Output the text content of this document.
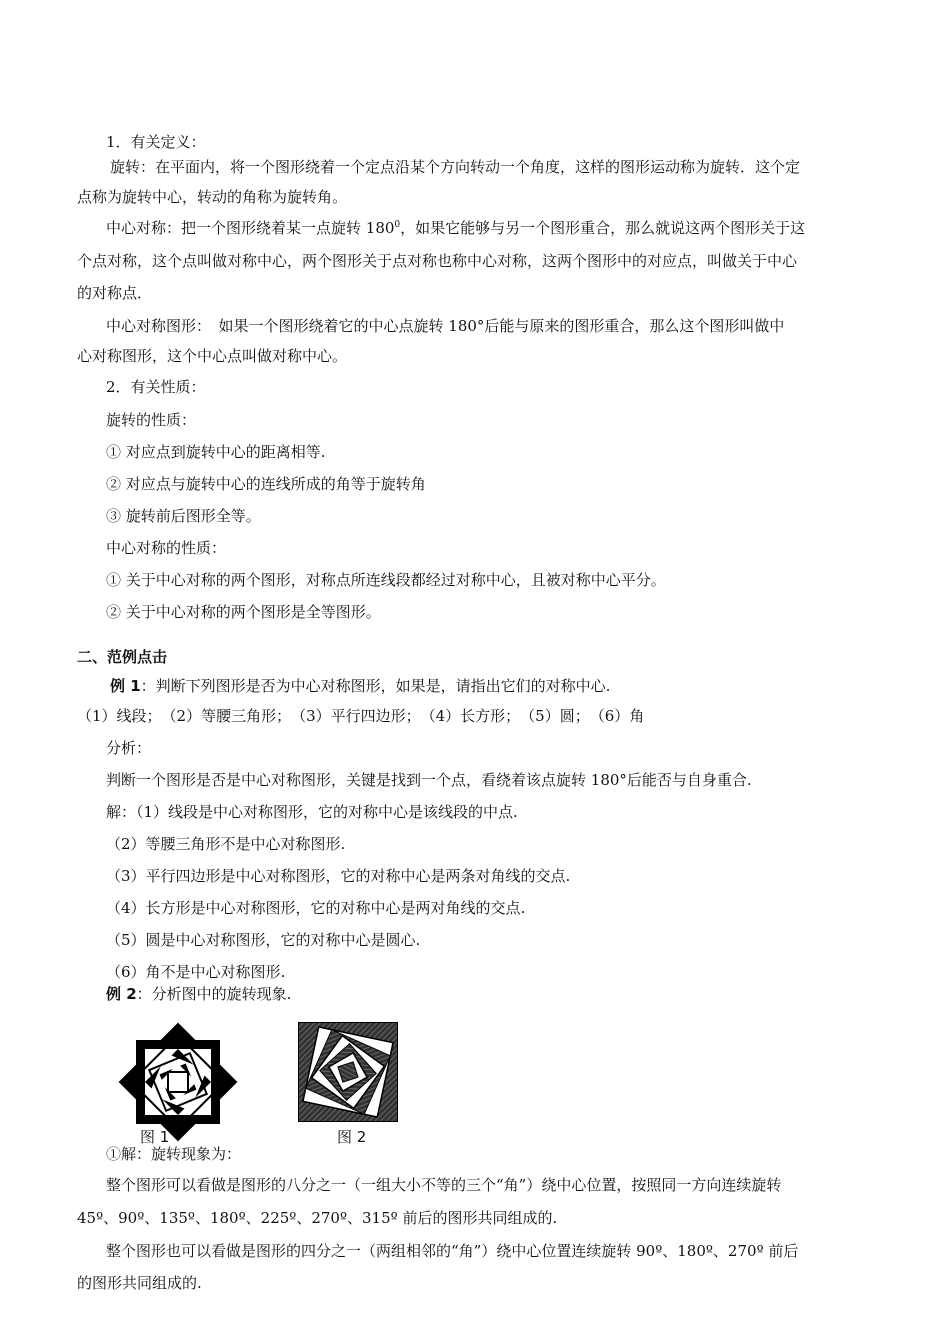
1．有关定义：
旋转：在平面内，将一个图形绕着一个定点沿某个方向转动一个角度，这样的图形运动称为旋转．这个定
点称为旋转中心，转动的角称为旋转角。
中心对称：把一个图形绕着某一点旋转 $180^0$，如果它能够与另一个图形重合，那么就说这两个图形关于这
个点对称，这个点叫做对称中心，两个图形关于点对称也称中心对称，这两个图形中的对应点，叫做关于中心
的对称点．
中心对称图形：　如果一个图形绕着它的中心点旋转 180°后能与原来的图形重合，那么这个图形叫做中
心对称图形，这个中心点叫做对称中心。
2．有关性质：
旋转的性质：
① 对应点到旋转中心的距离相等.
② 对应点与旋转中心的连线所成的角等于旋转角
③ 旋转前后图形全等。
中心对称的性质：
① 关于中心对称的两个图形，对称点所连线段都经过对称中心，且被对称中心平分。
② 关于中心对称的两个图形是全等图形。
二、范例点击
例 1：判断下列图形是否为中心对称图形，如果是，请指出它们的对称中心.
（1）线段；　（2）等腰三角形；　（3）平行四边形；　（4）长方形；　（5）圆；　（6）角
分析：
判断一个图形是否是中心对称图形，关键是找到一个点，看绕着该点旋转 180°后能否与自身重合.
解：（1）线段是中心对称图形，它的对称中心是该线段的中点.
（2）等腰三角形不是中心对称图形.
（3）平行四边形是中心对称图形，它的对称中心是两条对角线的交点.
（4）长方形是中心对称图形，它的对称中心是两对角线的交点.
（5）圆是中心对称图形，它的对称中心是圆心.
（6）角不是中心对称图形.
例 2：分析图中的旋转现象.
图 1	图 2
①解：旋转现象为：
整个图形可以看做是图形的八分之一（一组大小不等的三个“角”）绕中心位置，按照同一方向连续旋转
45º、90º、135º、180º、225º、270º、315º 前后的图形共同组成的.
整个图形也可以看做是图形的四分之一（两组相邻的“角”）绕中心位置连续旋转 90º、180º、270º 前后
的图形共同组成的.
